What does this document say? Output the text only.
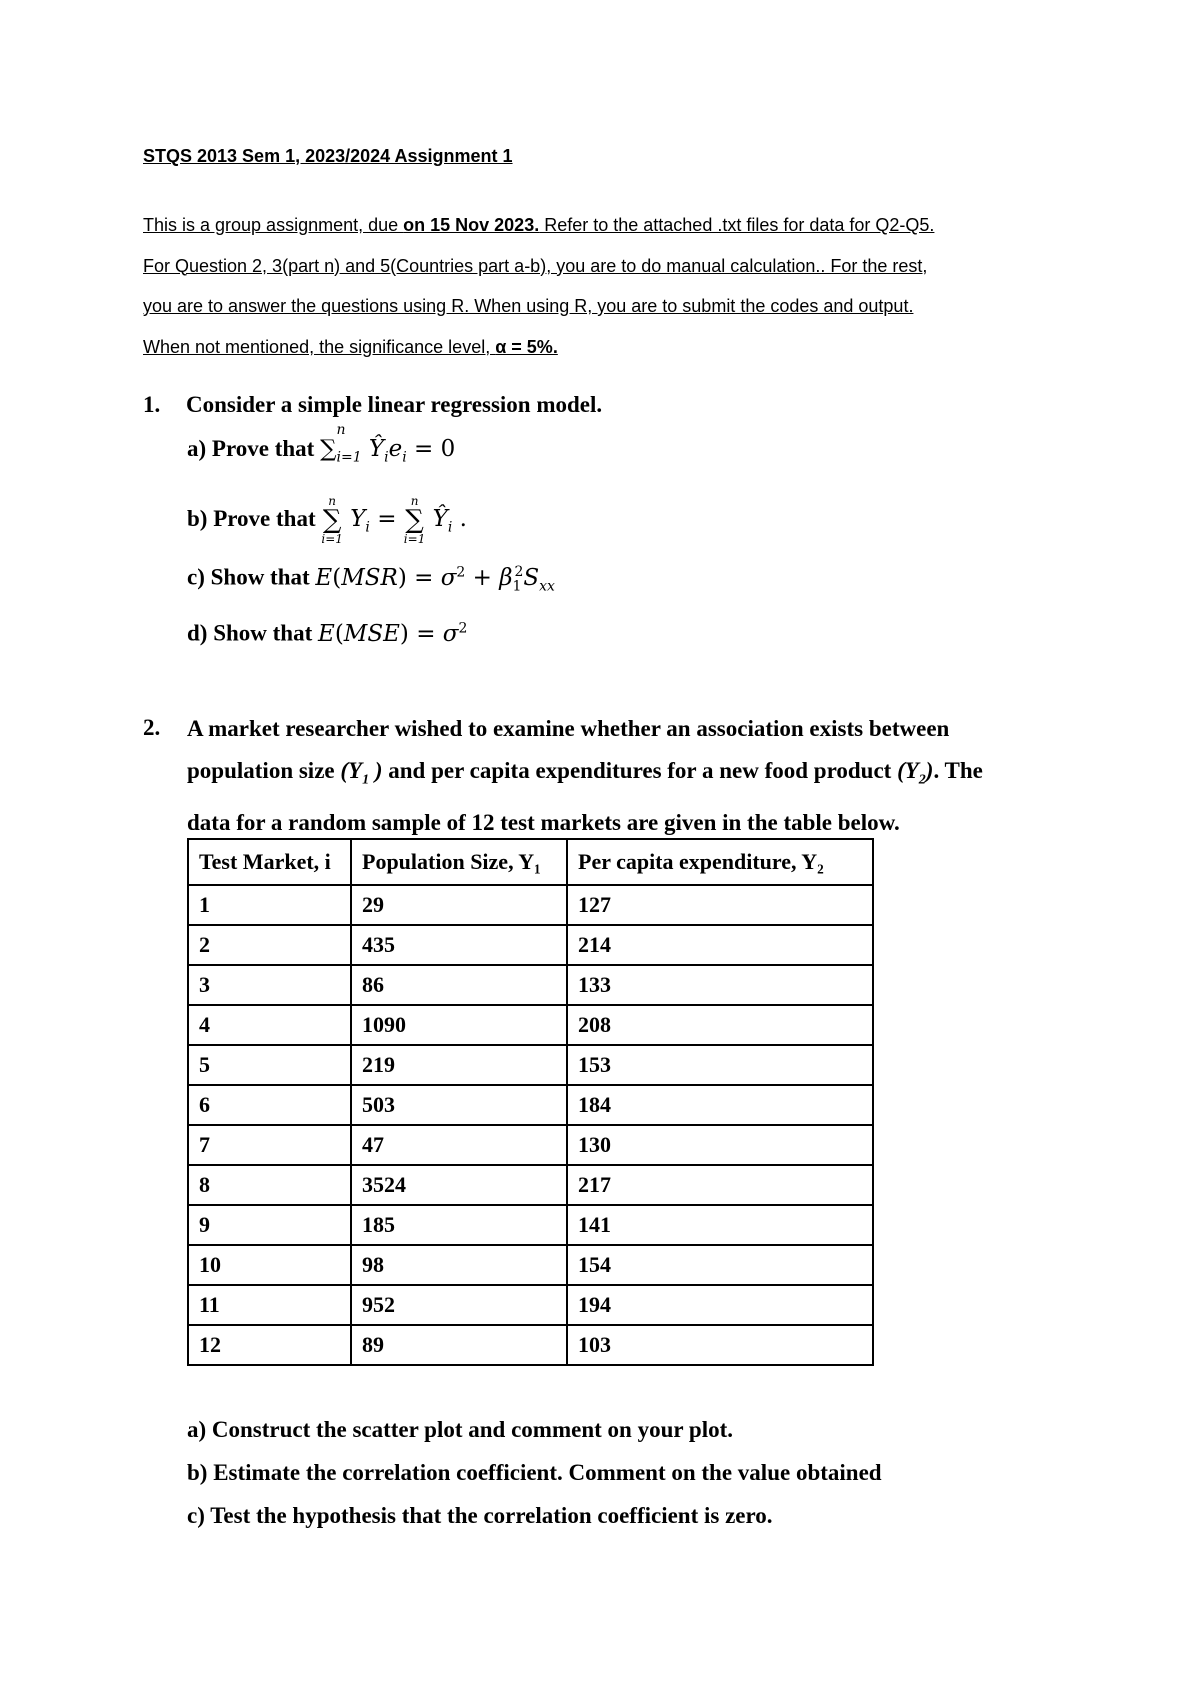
STQS 2013 Sem 1, 2023/2024 Assignment 1
This is a group assignment, due on 15 Nov 2023. Refer to the attached .txt files for data for Q2-Q5.
For Question 2, 3(part n) and 5(Countries part a-b), you are to do manual calculation.. For the rest,
you are to answer the questions using R. When using R, you are to submit the codes and output.
When not mentioned, the significance level, α = 5%.
1. Consider a simple linear regression model.
a) Prove that ∑
n
$_{i=1}$ $Ŷ_ie_i = 0$
b) Prove that
n
∑
i=1
$Y_i$ =
n
∑
i=1
$Ŷ_i$ .
c) Show that $E(MSR) = \sigma^2 + \beta_1^2S_{xx}$
d) Show that $E(MSE) = \sigma^2$
2.	A market researcher wished to examine whether an association exists between
population size ($Y_1$ ) and per capita expenditures for a new food product $(Y_2)$. The
data for a random sample of 12 test markets are given in the table below.
Test Market, i	Population Size, Y₁	Per capita expenditure, Y₂
1	29	127
2	435	214
3	86	133
4	1090	208
5	219	153
6	503	184
7	47	130
8	3524	217
9	185	141
10	98	154
11	952	194
12	89	103
a) Construct the scatter plot and comment on your plot.
b) Estimate the correlation coefficient. Comment on the value obtained
c) Test the hypothesis that the correlation coefficient is zero.
